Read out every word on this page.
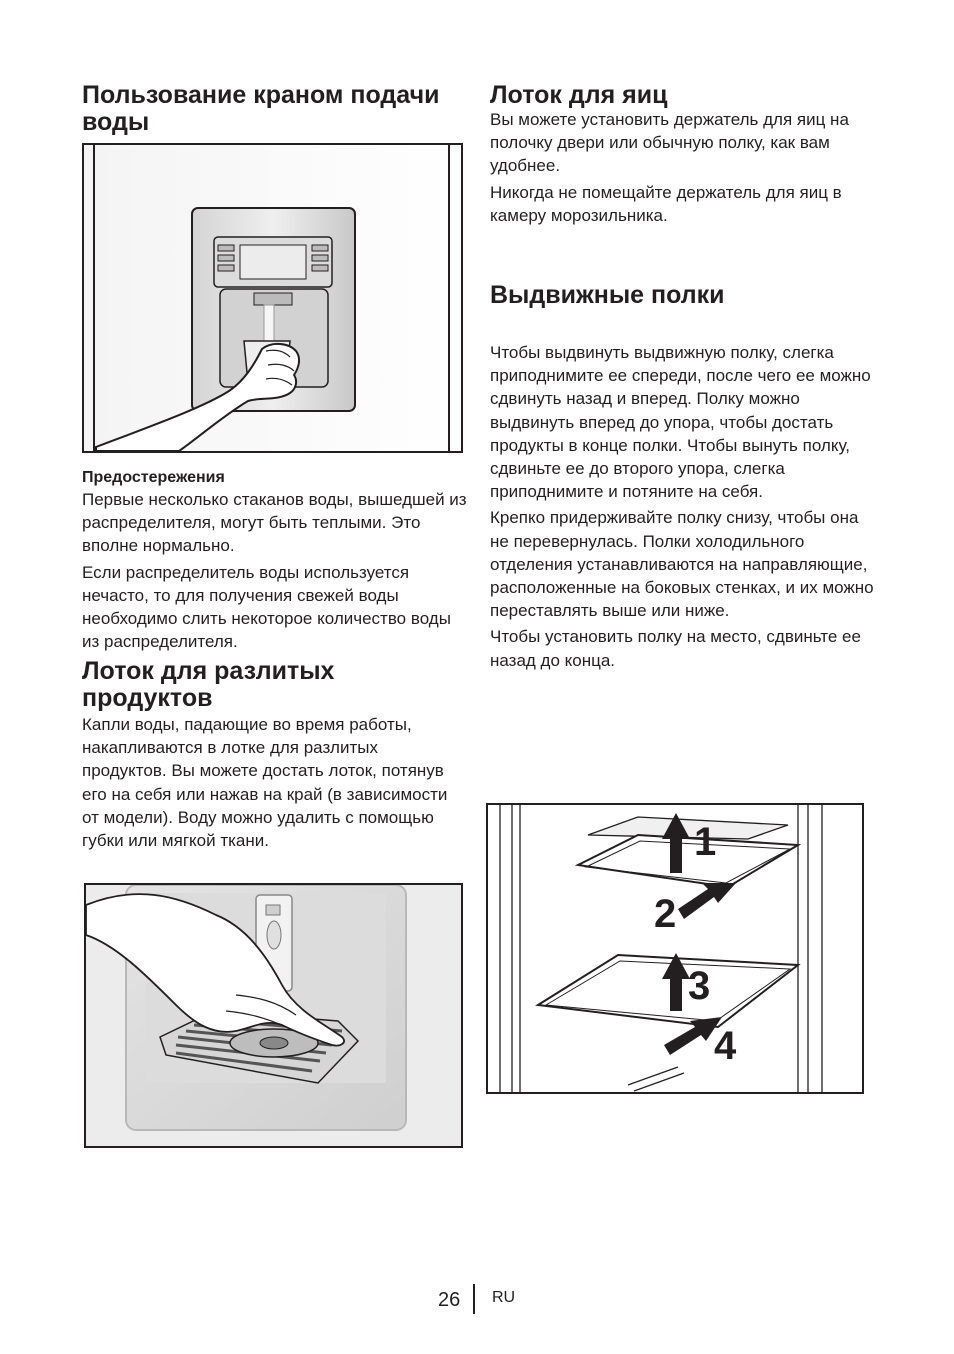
Пользование краном подачи воды

Предостережения

Первые несколько стаканов воды, вышедшей из распределителя, могут быть теплыми. Это вполне нормально.

Если распределитель воды используется нечасто, то для получения свежей воды необходимо слить некоторое количество воды из распределителя.

Лоток для разлитых продуктов

Капли воды, падающие во время работы, накапливаются в лотке для разлитых продуктов. Вы можете достать лоток, потянув его на себя или нажав на край (в зависимости от модели). Воду можно удалить с помощью губки или мягкой ткани.

Лоток для яиц

Вы можете установить держатель для яиц на полочку двери или обычную полку, как вам удобнее.

Никогда не помещайте держатель для яиц в камеру морозильника.

Выдвижные полки

Чтобы выдвинуть выдвижную полку, слегка приподнимите ее спереди, после чего ее можно сдвинуть назад и вперед. Полку можно выдвинуть вперед до упора, чтобы достать продукты в конце полки. Чтобы вынуть полку, сдвиньте ее до второго упора, слегка приподнимите и потяните на себя.

Крепко придерживайте полку снизу, чтобы она не перевернулась. Полки холодильного отделения устанавливаются на направляющие, расположенные на боковых стенках, и их можно переставлять выше или ниже.

Чтобы установить полку на место, сдвиньте ее назад до конца.

1
2
3
4
26 RU
